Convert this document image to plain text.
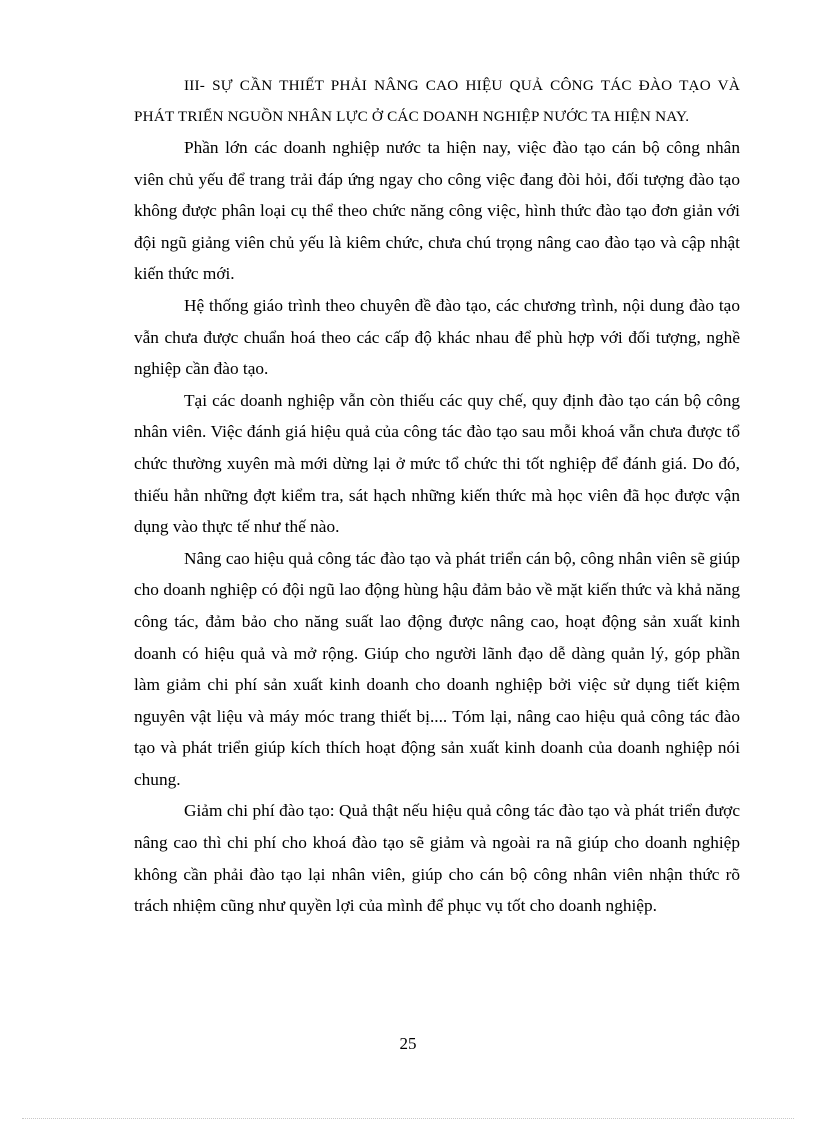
III- SỰ CẦN THIẾT PHẢI NÂNG CAO HIỆU QUẢ CÔNG TÁC ĐÀO TẠO VÀ PHÁT TRIỂN NGUỒN NHÂN LỰC Ở CÁC DOANH NGHIỆP NƯỚC TA HIỆN NAY.

Phần lớn các doanh nghiệp nước ta hiện nay, việc đào tạo cán bộ công nhân viên chủ yếu để trang trải đáp ứng ngay cho công việc đang đòi hỏi, đối tượng đào tạo không được phân loại cụ thể theo chức năng công việc, hình thức đào tạo đơn giản với đội ngũ giảng viên chủ yếu là kiêm chức, chưa chú trọng nâng cao đào tạo và cập nhật kiến thức mới.

Hệ thống giáo trình theo chuyên đề đào tạo, các chương trình, nội dung đào tạo vẫn chưa được chuẩn hoá theo các cấp độ khác nhau để phù hợp với đối tượng, nghề nghiệp cần đào tạo.

Tại các doanh nghiệp vẫn còn thiếu các quy chế, quy định đào tạo cán bộ công nhân viên. Việc đánh giá hiệu quả của công tác đào tạo sau mỗi khoá vẫn chưa được tổ chức thường xuyên mà mới dừng lại ở mức tổ chức thi tốt nghiệp để đánh giá. Do đó, thiếu hẳn những đợt kiểm tra, sát hạch những kiến thức mà học viên đã học được vận dụng vào thực tế như thế nào.

Nâng cao hiệu quả công tác đào tạo và phát triển cán bộ, công nhân viên sẽ giúp cho doanh nghiệp có đội ngũ lao động hùng hậu đảm bảo về mặt kiến thức và khả năng công tác, đảm bảo cho năng suất lao động được nâng cao, hoạt động sản xuất kinh doanh có hiệu quả và mở rộng. Giúp cho người lãnh đạo dễ dàng quản lý, góp phần làm giảm chi phí sản xuất kinh doanh cho doanh nghiệp bởi việc sử dụng tiết kiệm nguyên vật liệu và máy móc trang thiết bị.... Tóm lại, nâng cao hiệu quả công tác đào tạo và phát triển giúp kích thích hoạt động sản xuất kinh doanh của doanh nghiệp nói chung.

Giảm chi phí đào tạo: Quả thật nếu hiệu quả công tác đào tạo và phát triển được nâng cao thì chi phí cho khoá đào tạo sẽ giảm và ngoài ra nã giúp cho doanh nghiệp không cần phải đào tạo lại nhân viên, giúp cho cán bộ công nhân viên nhận thức rõ trách nhiệm cũng như quyền lợi của mình để phục vụ tốt cho doanh nghiệp.

25
